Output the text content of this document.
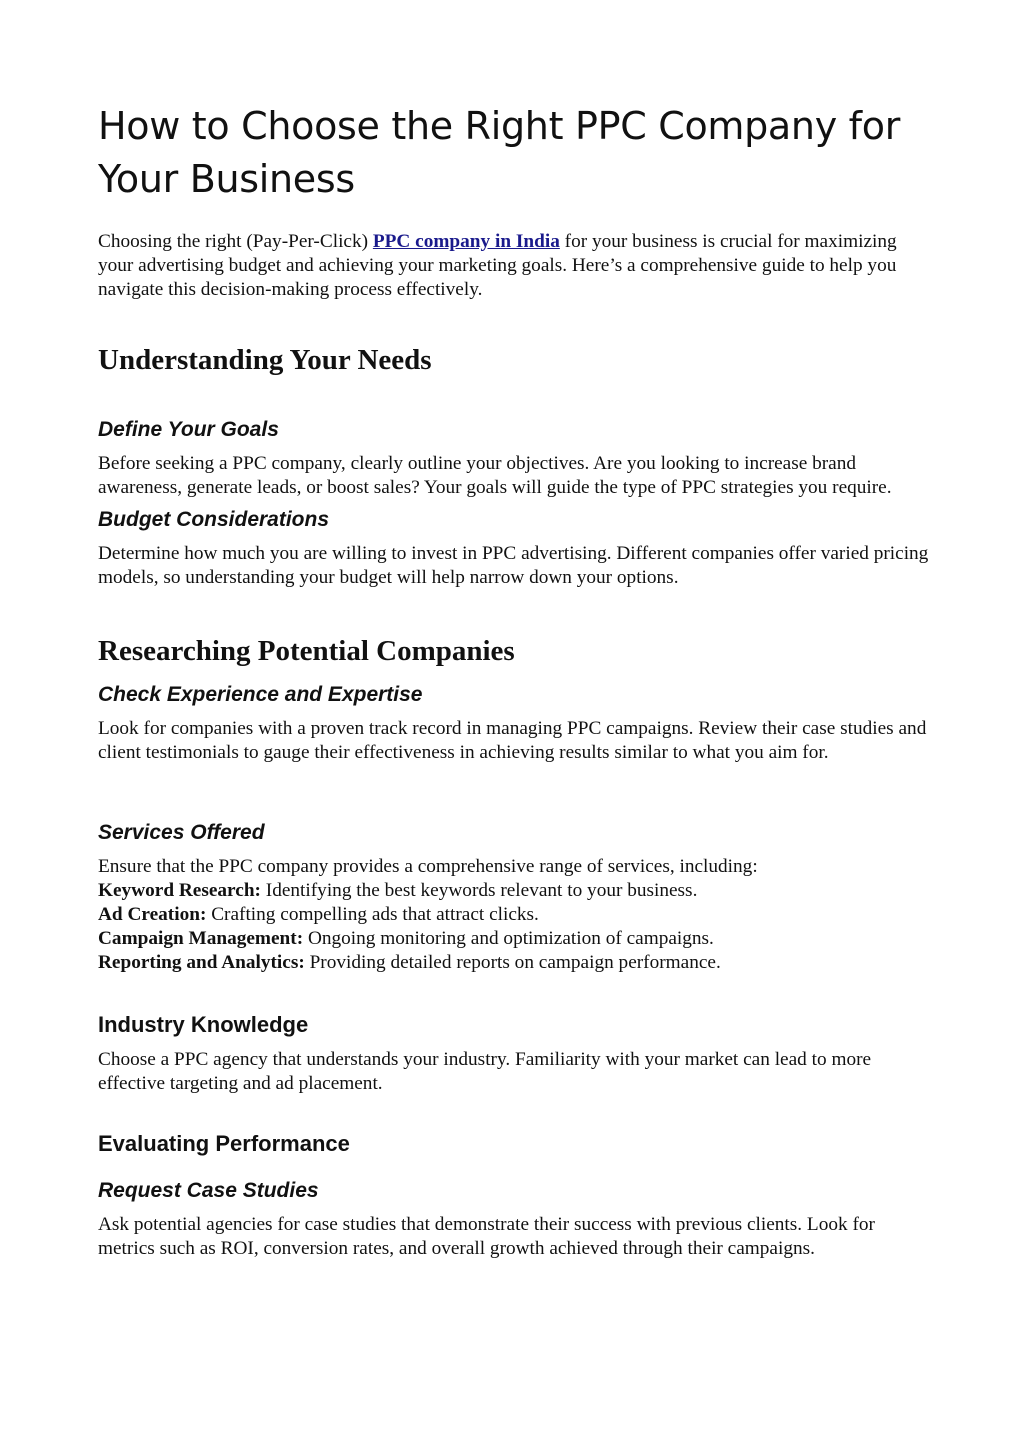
How to Choose the Right PPC Company for Your Business

Choosing the right (Pay-Per-Click) PPC company in India for your business is crucial for maximizing your advertising budget and achieving your marketing goals. Here’s a comprehensive guide to help you navigate this decision-making process effectively.

Understanding Your Needs
Define Your Goals

Before seeking a PPC company, clearly outline your objectives. Are you looking to increase brand awareness, generate leads, or boost sales? Your goals will guide the type of PPC strategies you require.

Budget Considerations

Determine how much you are willing to invest in PPC advertising. Different companies offer varied pricing models, so understanding your budget will help narrow down your options.

Researching Potential Companies
Check Experience and Expertise

Look for companies with a proven track record in managing PPC campaigns. Review their case studies and client testimonials to gauge their effectiveness in achieving results similar to what you aim for.

Services Offered

Ensure that the PPC company provides a comprehensive range of services, including:

Keyword Research: Identifying the best keywords relevant to your business.

Ad Creation: Crafting compelling ads that attract clicks.

Campaign Management: Ongoing monitoring and optimization of campaigns.

Reporting and Analytics: Providing detailed reports on campaign performance.

Industry Knowledge

Choose a PPC agency that understands your industry. Familiarity with your market can lead to more effective targeting and ad placement.

Evaluating Performance
Request Case Studies

Ask potential agencies for case studies that demonstrate their success with previous clients. Look for metrics such as ROI, conversion rates, and overall growth achieved through their campaigns.
